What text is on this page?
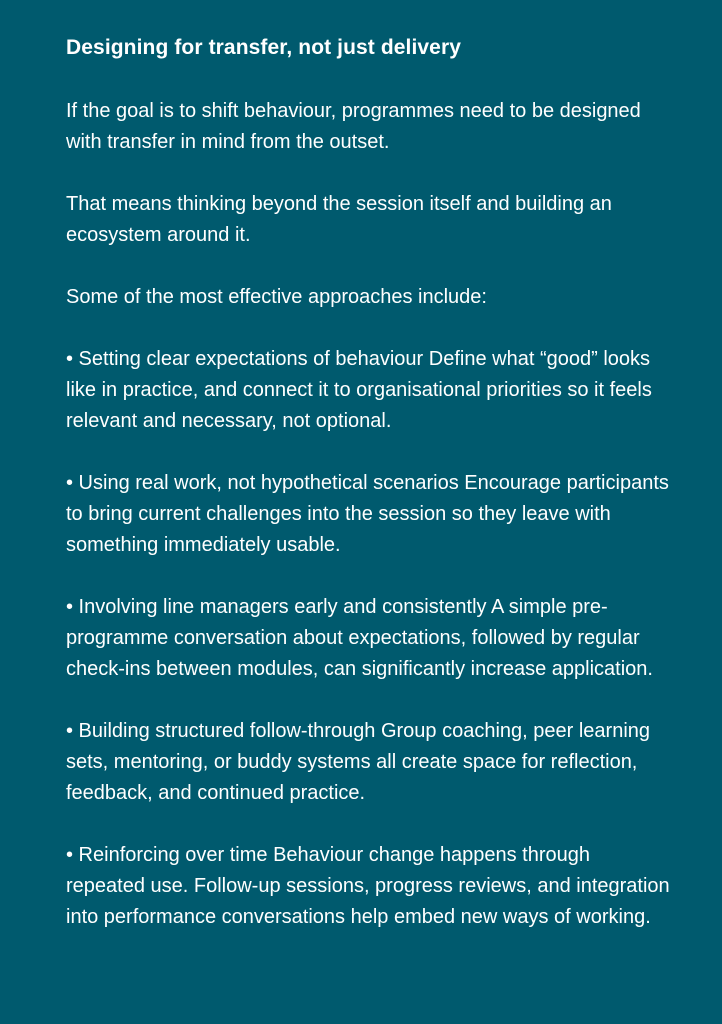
Designing for transfer, not just delivery

If the goal is to shift behaviour, programmes need to be designed with transfer in mind from the outset.

That means thinking beyond the session itself and building an ecosystem around it.

Some of the most effective approaches include:

• Setting clear expectations of behaviour Define what “good” looks like in practice, and connect it to organisational priorities so it feels relevant and necessary, not optional.

• Using real work, not hypothetical scenarios Encourage participants to bring current challenges into the session so they leave with something immediately usable.

• Involving line managers early and consistently A simple pre-programme conversation about expectations, followed by regular check-ins between modules, can significantly increase application.

• Building structured follow-through Group coaching, peer learning sets, mentoring, or buddy systems all create space for reflection, feedback, and continued practice.

• Reinforcing over time Behaviour change happens through repeated use. Follow-up sessions, progress reviews, and integration into performance conversations help embed new ways of working.
